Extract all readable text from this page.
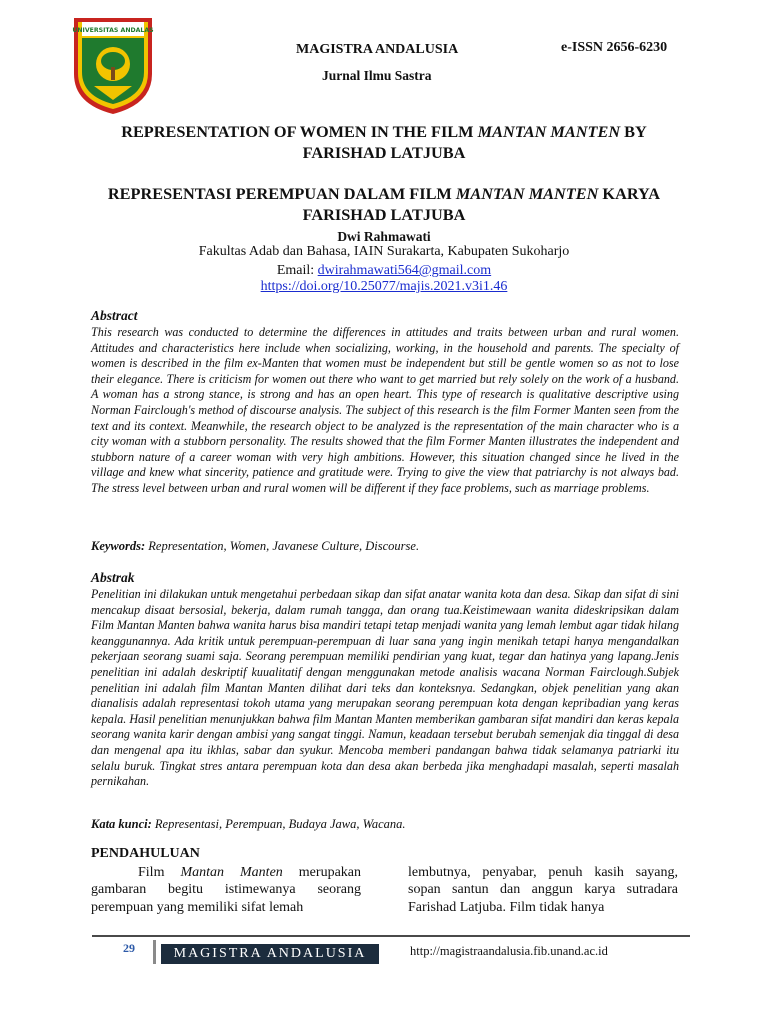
UNIVERSITAS ANDALAS
MAGISTRA ANDALUSIA	e-ISSN 2656-6230
Jurnal Ilmu Sastra
REPRESENTATION OF WOMEN IN THE FILM MANTAN MANTEN BY FARISHAD LATJUBA
REPRESENTASI PEREMPUAN DALAM FILM MANTAN MANTEN KARYA FARISHAD LATJUBA
Dwi Rahmawati
Fakultas Adab dan Bahasa, IAIN Surakarta, Kabupaten Sukoharjo
Email: dwirahmawati564@gmail.com
https://doi.org/10.25077/majis.2021.v3i1.46
Abstract

This research was conducted to determine the differences in attitudes and traits between urban and rural women. Attitudes and characteristics here include when socializing, working, in the household and parents. The specialty of women is described in the film ex-Manten that women must be independent but still be gentle women so as not to lose their elegance. There is criticism for women out there who want to get married but rely solely on the work of a husband. A woman has a strong stance, is strong and has an open heart. This type of research is qualitative descriptive using Norman Fairclough's method of discourse analysis. The subject of this research is the film Former Manten seen from the text and its context. Meanwhile, the research object to be analyzed is the representation of the main character who is a city woman with a stubborn personality. The results showed that the film Former Manten illustrates the independent and stubborn nature of a career woman with very high ambitions. However, this situation changed since he lived in the village and knew what sincerity, patience and gratitude were. Trying to give the view that patriarchy is not always bad. The stress level between urban and rural women will be different if they face problems, such as marriage problems.

Keywords: Representation, Women, Javanese Culture, Discourse.
Abstrak

Penelitian ini dilakukan untuk mengetahui perbedaan sikap dan sifat anatar wanita kota dan desa. Sikap dan sifat di sini mencakup disaat bersosial, bekerja, dalam rumah tangga, dan orang tua.Keistimewaan wanita dideskripsikan dalam Film Mantan Manten bahwa wanita harus bisa mandiri tetapi tetap menjadi wanita yang lemah lembut agar tidak hilang keanggunannya. Ada kritik untuk perempuan-perempuan di luar sana yang ingin menikah tetapi hanya mengandalkan pekerjaan seorang suami saja. Seorang perempuan memiliki pendirian yang kuat, tegar dan hatinya yang lapang.Jenis penelitian ini adalah deskriptif kuualitatif dengan menggunakan metode analisis wacana Norman Fairclough.Subjek penelitian ini adalah film Mantan Manten dilihat dari teks dan konteksnya. Sedangkan, objek penelitian yang akan dianalisis adalah representasi tokoh utama yang merupakan seorang perempuan kota dengan kepribadian yang keras kepala. Hasil penelitian menunjukkan bahwa film Mantan Manten memberikan gambaran sifat mandiri dan keras kepala seorang wanita karir dengan ambisi yang sangat tinggi. Namun, keadaan tersebut berubah semenjak dia tinggal di desa dan mengenal apa itu ikhlas, sabar dan syukur. Mencoba memberi pandangan bahwa tidak selamanya patriarki itu selalu buruk. Tingkat stres antara perempuan kota dan desa akan berbeda jika menghadapi masalah, seperti masalah pernikahan.

Kata kunci: Representasi, Perempuan, Budaya Jawa, Wacana.
PENDAHULUAN

Film Mantan Manten merupakan gambaran begitu istimewanya seorang perempuan yang memiliki sifat lemah

lembutnya, penyabar, penuh kasih sayang, sopan santun dan anggun karya sutradara Farishad Latjuba. Film tidak hanya

29	MAGISTRA ANDALUSIA	http://magistraandalusia.fib.unand.ac.id
